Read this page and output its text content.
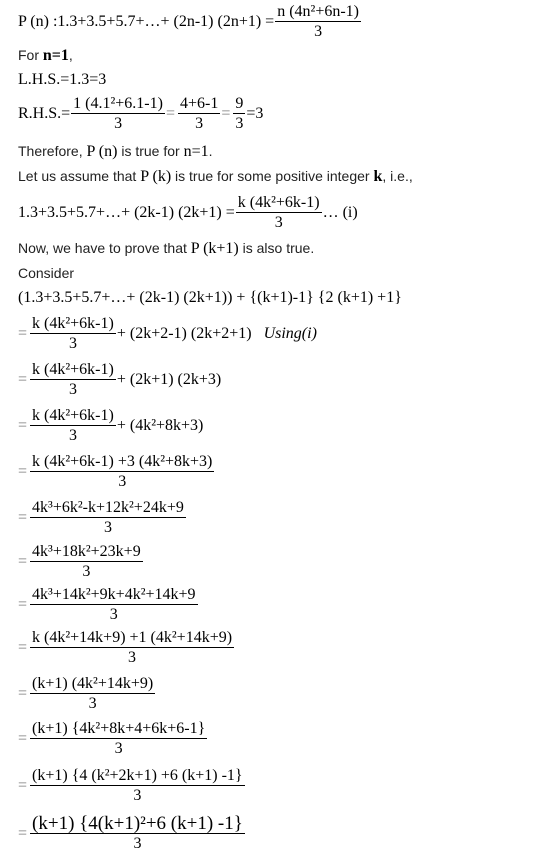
P (n) :1.3+3.5+5.7+…+ (2n-1) $(2n+1) = \frac{\text{n (4n²+6n-1)}}{3}$
For n=1,
L.H.S.=1.3=3
$R.H.S.= \frac{\text{1 (4.1²+6.1-1)}}{3} = \frac{4+6-1}{3} = \frac{9}{3} =3$
Therefore, P (n) is true for n=1.
Let us assume that P (k) is true for some positive integer k, i.e.,
1.3+3.5+5.7+…+ (2k-1) $(2k+1) = \frac{\text{k (4k²+6k-1)}}{3}$ … (i)
Now, we have to prove that P (k+1) is also true.
Consider
(1.3+3.5+5.7+…+ (2k-1) (2k+1)) + {(k+1)-1} {2 (k+1) +1}
= $\frac{\text{k (4k²+6k-1)}}{3} + (2k+2-1)$ (2k+2+1) Using(i)
= $\frac{\text{k (4k²+6k-1)}}{3} + (2k+1)$ (2k+3)
= $\frac{\text{k (4k²+6k-1)}}{3} + (4k^2+8k+3)$
= $\frac{\text{k (4k²+6k-1) +3 (4k²+8k+3)}}{3}$
= $\frac{\text{4k³+6k²-k+12k²+24k+9}}{3}$
= $\frac{\text{4k³+18k²+23k+9}}{3}$
= $\frac{\text{4k³+14k²+9k+4k²+14k+9}}{3}$
= $\frac{\text{k (4k²+14k+9) +1 (4k²+14k+9)}}{3}$
= $\frac{\text{(k+1) (4k²+14k+9)}}{3}$
= $\frac{\text{(k+1) \{4k²+8k+4+6k+6-1\}}}{3}$
= $\frac{\text{(k+1) \{4 (k²+2k+1) +6 (k+1) -1\}}}{3}$
= $\frac{\text{(k+1) \{4(k+1)²+6 (k+1) -1\}}}{3}$
